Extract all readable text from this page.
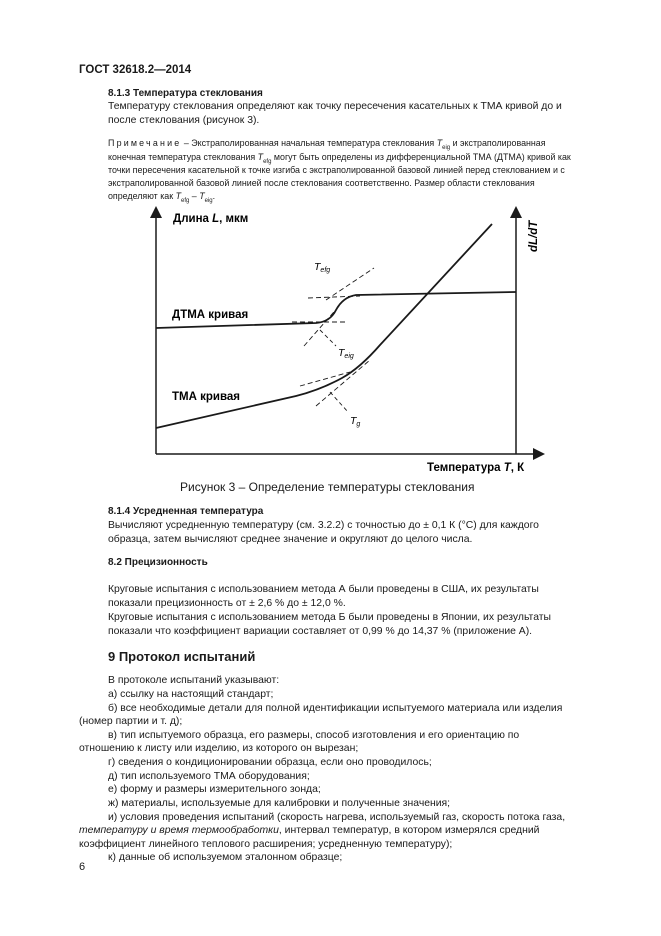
ГОСТ 32618.2—2014
8.1.3 Температура стеклования
Температуру стеклования определяют как точку пересечения касательных к ТМА кривой до и
после стеклования (рисунок 3).
Примечание – Экстраполированная начальная температура стеклования $T_{eig}$ и экстраполированная
конечная температура стеклования $T_{efg}$ могут быть определены из дифференциальной ТМА (ДТМА) кривой как
точки пересечения касательной к точке изгиба с экстраполированной базовой линией перед стеклованием и с
экстраполированной базовой линией после стеклования соответственно. Размер области стеклования
определяют как $T_{efg} - T_{eig}$.
Длина L, мкм
dL/dT
ДТМА кривая
ТМА кривая
Tefg
Teig
Tg
Температура T, К
Рисунок 3 – Определение температуры стеклования
8.1.4 Усредненная температура
Вычисляют усредненную температуру (см. 3.2.2) с точностью до ± 0,1 К (°С) для каждого
образца, затем вычисляют среднее значение и округляют до целого числа.
8.2 Прецизионность
Круговые испытания с использованием метода А были проведены в США, их результаты
показали прецизионность от ± 2,6 % до ± 12,0 %.
Круговые испытания с использованием метода Б были проведены в Японии, их результаты
показали что коэффициент вариации составляет от 0,99 % до 14,37 % (приложение А).
9 Протокол испытаний
В протоколе испытаний указывают:
а) ссылку на настоящий стандарт;
б) все необходимые детали для полной идентификации испытуемого материала или изделия
(номер партии и т. д);
в) тип испытуемого образца, его размеры, способ изготовления и его ориентацию по
отношению к листу или изделию, из которого он вырезан;
г) сведения о кондиционировании образца, если оно проводилось;
д) тип используемого ТМА оборудования;
е) форму и размеры измерительного зонда;
ж) материалы, используемые для калибровки и полученные значения;
и) условия проведения испытаний (скорость нагрева, используемый газ, скорость потока газа,
температуру и время термообработки, интервал температур, в котором измерялся средний
коэффициент линейного теплового расширения; усредненную температуру);
к) данные об используемом эталонном образце;
6
